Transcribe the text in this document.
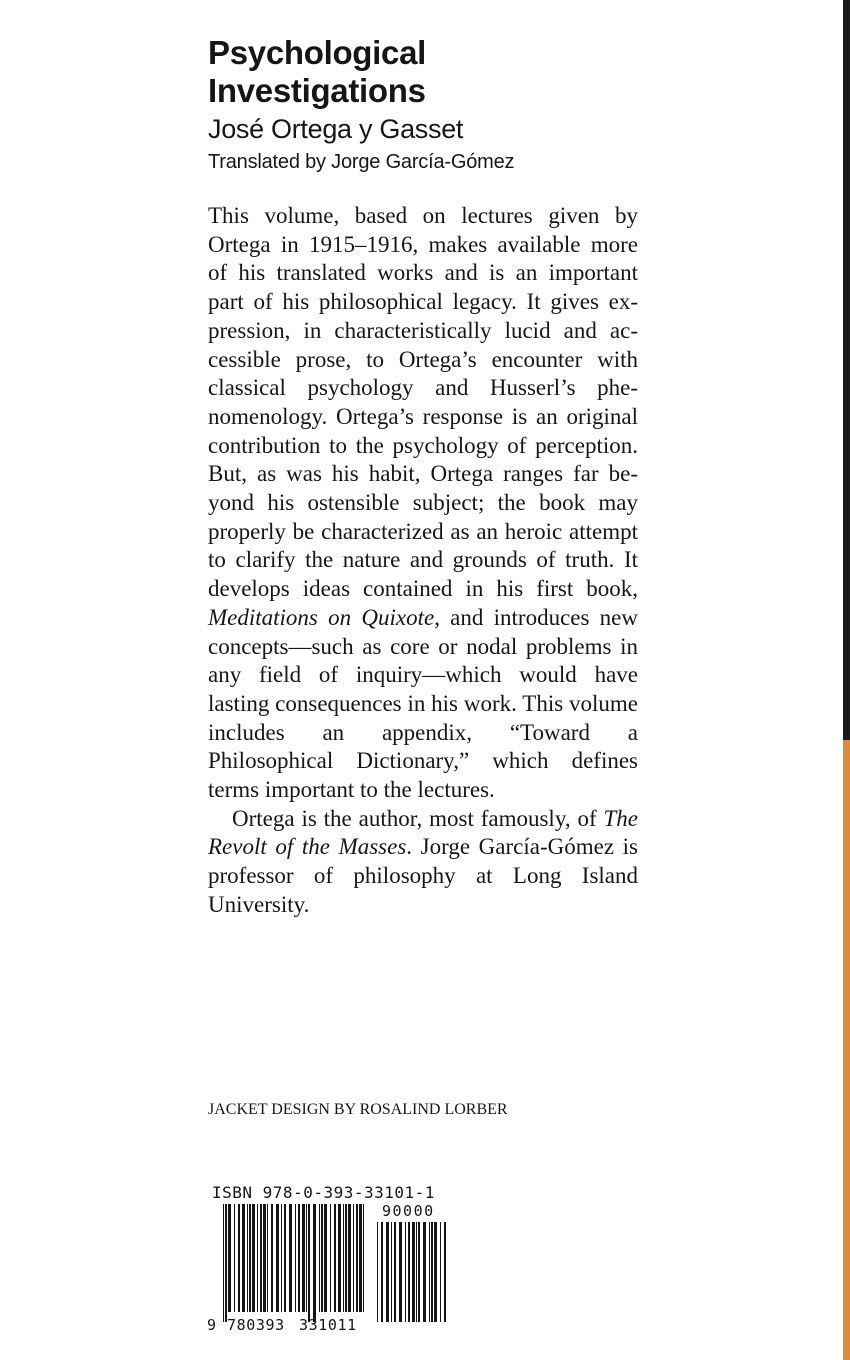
Psychological Investigations
José Ortega y Gasset
Translated by Jorge García-Gómez

This volume, based on lectures given by Ortega in 1915–1916, makes available more of his translated works and is an important part of his philosophical legacy. It gives expression, in characteristically lucid and accessible prose, to Ortega’s encounter with classical psychology and Husserl’s phenomenology. Ortega’s response is an original contribution to the psychology of perception. But, as was his habit, Ortega ranges far beyond his ostensible subject; the book may properly be characterized as an heroic attempt to clarify the nature and grounds of truth. It develops ideas contained in his first book, Meditations on Quixote, and introduces new concepts—such as core or nodal problems in any field of inquiry—which would have lasting consequences in his work. This volume includes an appendix, “Toward a Philosophical Dictionary,” which defines terms important to the lectures.

Ortega is the author, most famously, of The Revolt of the Masses. Jorge García-Gómez is professor of philosophy at Long Island University.

JACKET DESIGN BY ROSALIND LORBER
ISBN 978-0-393-33101-1
90000
9 780393 331011
